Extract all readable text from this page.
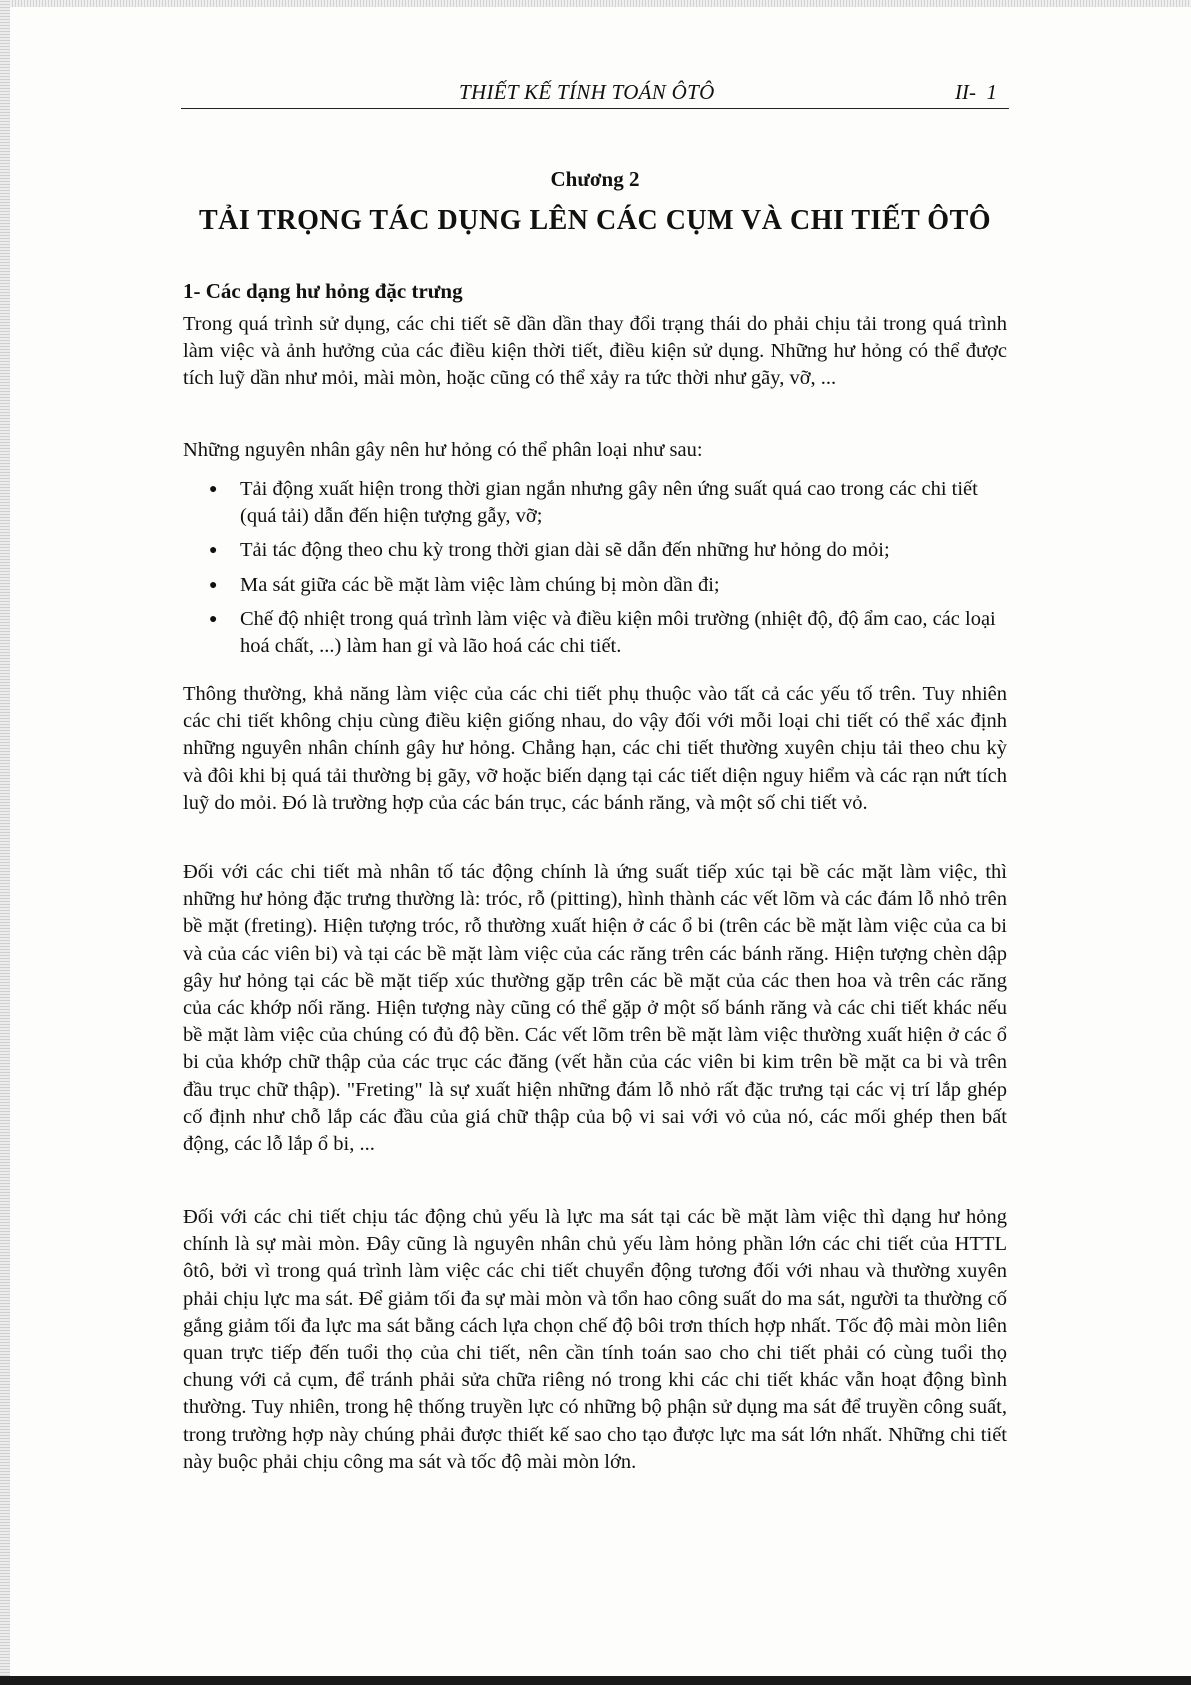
THIẾT KẾ TÍNH TOÁN ÔTÔ	II-  1
Chương 2
TẢI TRỌNG TÁC DỤNG LÊN CÁC CỤM VÀ CHI TIẾT ÔTÔ
1- Các dạng hư hỏng đặc trưng

Trong quá trình sử dụng, các chi tiết sẽ dần dần thay đổi trạng thái do phải chịu tải trong quá trình làm việc và ảnh hưởng của các điều kiện thời tiết, điều kiện sử dụng. Những hư hỏng có thể được tích luỹ dần như mỏi, mài mòn, hoặc cũng có thể xảy ra tức thời như gãy, vỡ, ...

Những nguyên nhân gây nên hư hỏng có thể phân loại như sau:

● Tải động xuất hiện trong thời gian ngắn nhưng gây nên ứng suất quá cao trong các chi tiết (quá tải) dẫn đến hiện tượng gẫy, vỡ;
● Tải tác động theo chu kỳ trong thời gian dài sẽ dẫn đến những hư hỏng do mỏi;
● Ma sát giữa các bề mặt làm việc làm chúng bị mòn dần đi;
● Chế độ nhiệt trong quá trình làm việc và điều kiện môi trường (nhiệt độ, độ ẩm cao, các loại hoá chất, ...) làm han gỉ và lão hoá các chi tiết.

Thông thường, khả năng làm việc của các chi tiết phụ thuộc vào tất cả các yếu tố trên. Tuy nhiên các chi tiết không chịu cùng điều kiện giống nhau, do vậy đối với mỗi loại chi tiết có thể xác định những nguyên nhân chính gây hư hỏng. Chẳng hạn, các chi tiết thường xuyên chịu tải theo chu kỳ và đôi khi bị quá tải thường bị gãy, vỡ hoặc biến dạng tại các tiết diện nguy hiểm và các rạn nứt tích luỹ do mỏi. Đó là trường hợp của các bán trục, các bánh răng, và một số chi tiết vỏ.

Đối với các chi tiết mà nhân tố tác động chính là ứng suất tiếp xúc tại bề các mặt làm việc, thì những hư hỏng đặc trưng thường là: tróc, rỗ (pitting), hình thành các vết lõm và các đám lỗ nhỏ trên bề mặt (freting). Hiện tượng tróc, rỗ thường xuất hiện ở các ổ bi (trên các bề mặt làm việc của ca bi và của các viên bi) và tại các bề mặt làm việc của các răng trên các bánh răng. Hiện tượng chèn dập gây hư hỏng tại các bề mặt tiếp xúc thường gặp trên các bề mặt của các then hoa và trên các răng của các khớp nối răng. Hiện tượng này cũng có thể gặp ở một số bánh răng và các chi tiết khác nếu bề mặt làm việc của chúng có đủ độ bền. Các vết lõm trên bề mặt làm việc thường xuất hiện ở các ổ bi của khớp chữ thập của các trục các đăng (vết hằn của các viên bi kim trên bề mặt ca bi và trên đầu trục chữ thập). "Freting" là sự xuất hiện những đám lỗ nhỏ rất đặc trưng tại các vị trí lắp ghép cố định như chỗ lắp các đầu của giá chữ thập của bộ vi sai với vỏ của nó, các mối ghép then bất động, các lỗ lắp ổ bi, ...

Đối với các chi tiết chịu tác động chủ yếu là lực ma sát tại các bề mặt làm việc thì dạng hư hỏng chính là sự mài mòn. Đây cũng là nguyên nhân chủ yếu làm hỏng phần lớn các chi tiết của HTTL ôtô, bởi vì trong quá trình làm việc các chi tiết chuyển động tương đối với nhau và thường xuyên phải chịu lực ma sát. Để giảm tối đa sự mài mòn và tổn hao công suất do ma sát, người ta thường cố gắng giảm tối đa lực ma sát bằng cách lựa chọn chế độ bôi trơn thích hợp nhất. Tốc độ mài mòn liên quan trực tiếp đến tuổi thọ của chi tiết, nên cần tính toán sao cho chi tiết phải có cùng tuổi thọ chung với cả cụm, để tránh phải sửa chữa riêng nó trong khi các chi tiết khác vẫn hoạt động bình thường. Tuy nhiên, trong hệ thống truyền lực có những bộ phận sử dụng ma sát để truyền công suất, trong trường hợp này chúng phải được thiết kế sao cho tạo được lực ma sát lớn nhất. Những chi tiết này buộc phải chịu công ma sát và tốc độ mài mòn lớn.
